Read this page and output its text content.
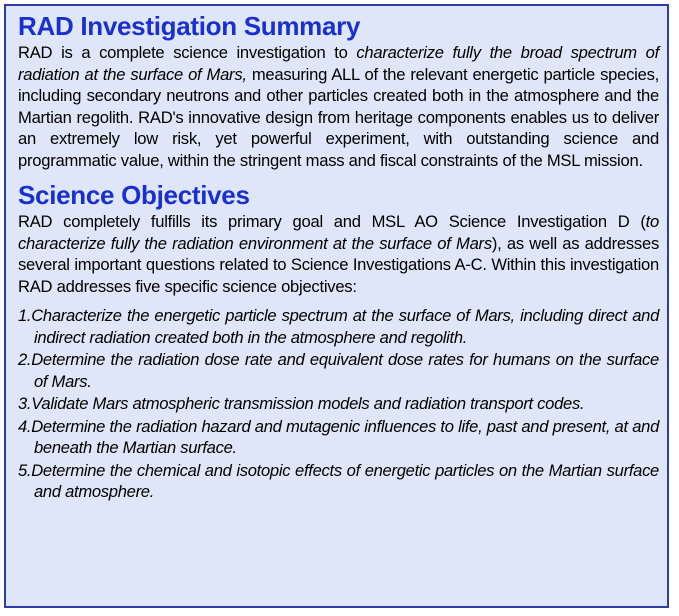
RAD Investigation Summary

RAD is a complete science investigation to characterize fully the broad spectrum of radiation at the surface of Mars, measuring ALL of the relevant energetic particle species, including secondary neutrons and other particles created both in the atmosphere and the Martian regolith. RAD's innovative design from heritage components enables us to deliver an extremely low risk, yet powerful experiment, with outstanding science and programmatic value, within the stringent mass and fiscal constraints of the MSL mission.

Science Objectives

RAD completely fulfills its primary goal and MSL AO Science Investigation D (to characterize fully the radiation environment at the surface of Mars), as well as addresses several important questions related to Science Investigations A-C. Within this investigation RAD addresses five specific science objectives:

1.Characterize the energetic particle spectrum at the surface of Mars, including direct and indirect radiation created both in the atmosphere and regolith.
2.Determine the radiation dose rate and equivalent dose rates for humans on the surface of Mars.
3.Validate Mars atmospheric transmission models and radiation transport codes.
4.Determine the radiation hazard and mutagenic influences to life, past and present, at and beneath the Martian surface.
5.Determine the chemical and isotopic effects of energetic particles on the Martian surface and atmosphere.
